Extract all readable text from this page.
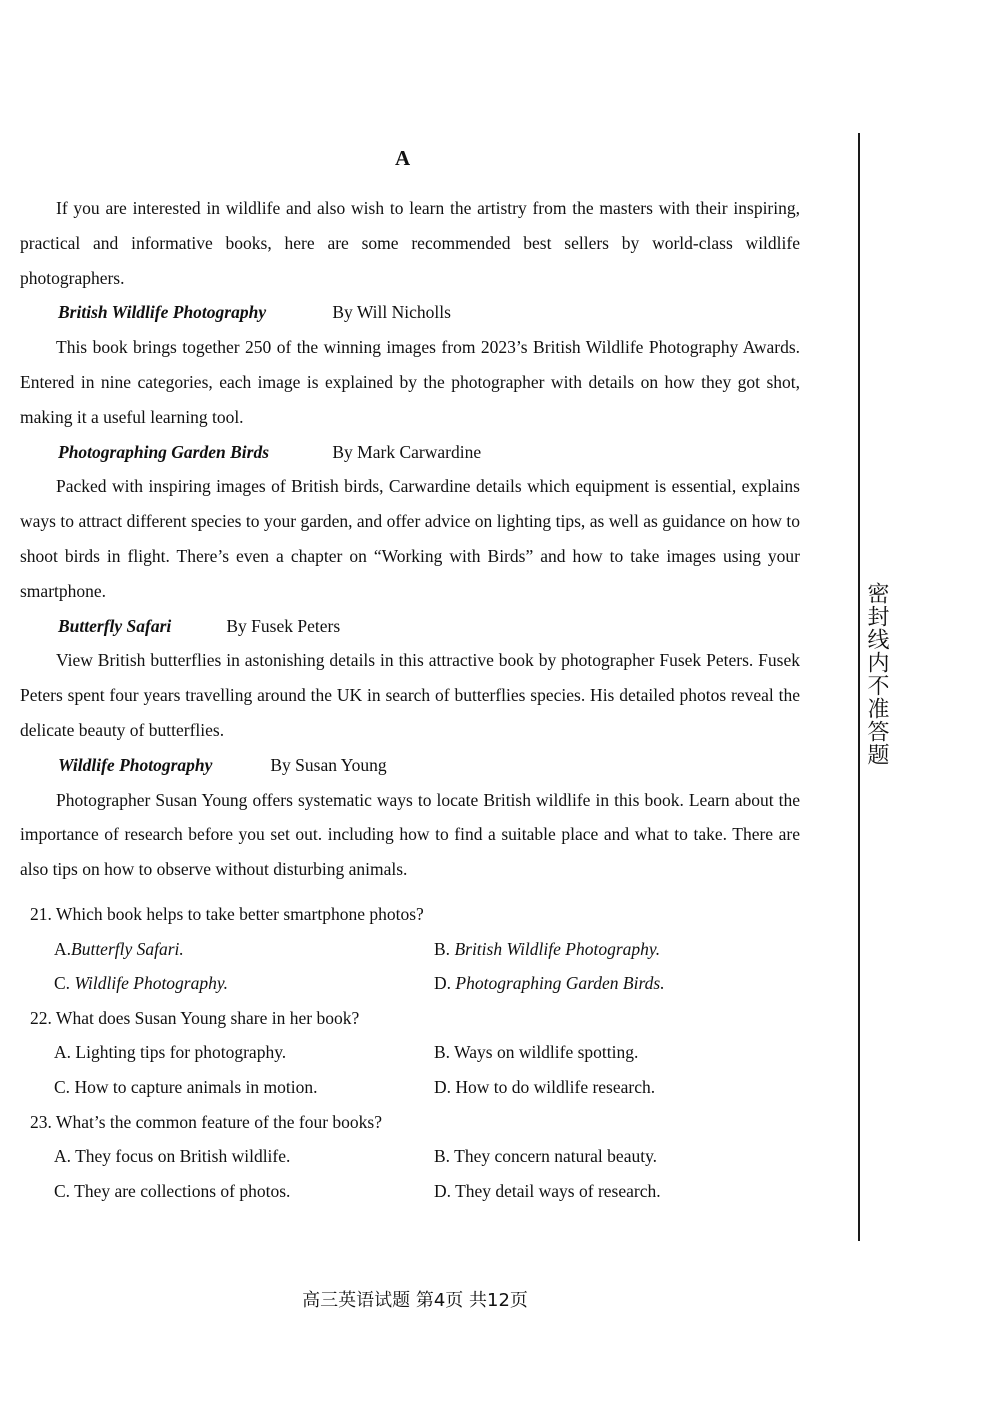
A

If you are interested in wildlife and also wish to learn the artistry from the masters with their inspiring, practical and informative books, here are some recommended best sellers by world-class wildlife photographers.

British Wildlife Photography	By Will Nicholls

This book brings together 250 of the winning images from 2023’s British Wildlife Photography Awards. Entered in nine categories, each image is explained by the photographer with details on how they got shot, making it a useful learning tool.

Photographing Garden Birds	By Mark Carwardine

Packed with inspiring images of British birds, Carwardine details which equipment is essential, explains ways to attract different species to your garden, and offer advice on lighting tips, as well as guidance on how to shoot birds in flight. There’s even a chapter on “Working with Birds” and how to take images using your smartphone.

Butterfly Safari	By Fusek Peters

View British butterflies in astonishing details in this attractive book by photographer Fusek Peters. Fusek Peters spent four years travelling around the UK in search of butterflies species. His detailed photos reveal the delicate beauty of butterflies.

Wildlife Photography	By Susan Young

Photographer Susan Young offers systematic ways to locate British wildlife in this book. Learn about the importance of research before you set out. including how to find a suitable place and what to take. There are also tips on how to observe without disturbing animals.

21. Which book helps to take better smartphone photos?
A.Butterfly Safari.	B. British Wildlife Photography.
C. Wildlife Photography.	D. Photographing Garden Birds.
22. What does Susan Young share in her book?
A. Lighting tips for photography.	B. Ways on wildlife spotting.
C. How to capture animals in motion.	D. How to do wildlife research.
23. What’s the common feature of the four books?
A. They focus on British wildlife.	B. They concern natural beauty.
C. They are collections of photos.	D. They detail ways of research.
密封线内不准答题
高三英语试题 第4页 共12页
